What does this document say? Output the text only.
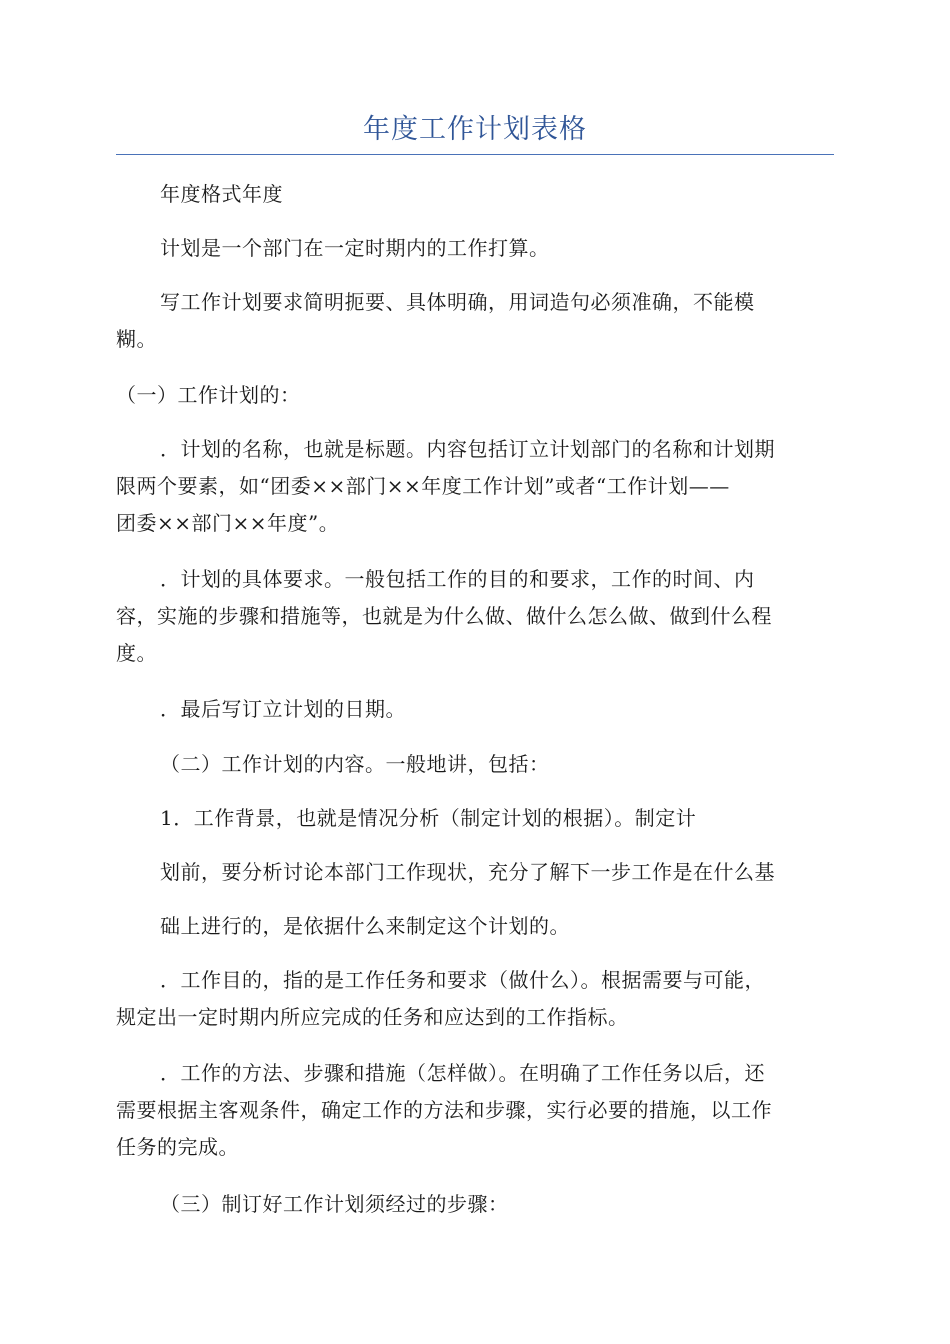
年度工作计划表格

年度格式年度

计划是一个部门在一定时期内的工作打算。

写工作计划要求简明扼要、具体明确，用词造句必须准确，不能模
糊。

（一）工作计划的：

．计划的名称，也就是标题。内容包括订立计划部门的名称和计划期
限两个要素，如“团委××部门××年度工作计划”或者“工作计划——
团委××部门××年度”。

．计划的具体要求。一般包括工作的目的和要求，工作的时间、内
容，实施的步骤和措施等，也就是为什么做、做什么怎么做、做到什么程
度。

．最后写订立计划的日期。

（二）工作计划的内容。一般地讲，包括：

1．工作背景，也就是情况分析（制定计划的根据）。制定计

划前，要分析讨论本部门工作现状，充分了解下一步工作是在什么基

础上进行的，是依据什么来制定这个计划的。

．工作目的，指的是工作任务和要求（做什么）。根据需要与可能，
规定出一定时期内所应完成的任务和应达到的工作指标。

．工作的方法、步骤和措施（怎样做）。在明确了工作任务以后，还
需要根据主客观条件，确定工作的方法和步骤，实行必要的措施，以工作
任务的完成。

（三）制订好工作计划须经过的步骤：
